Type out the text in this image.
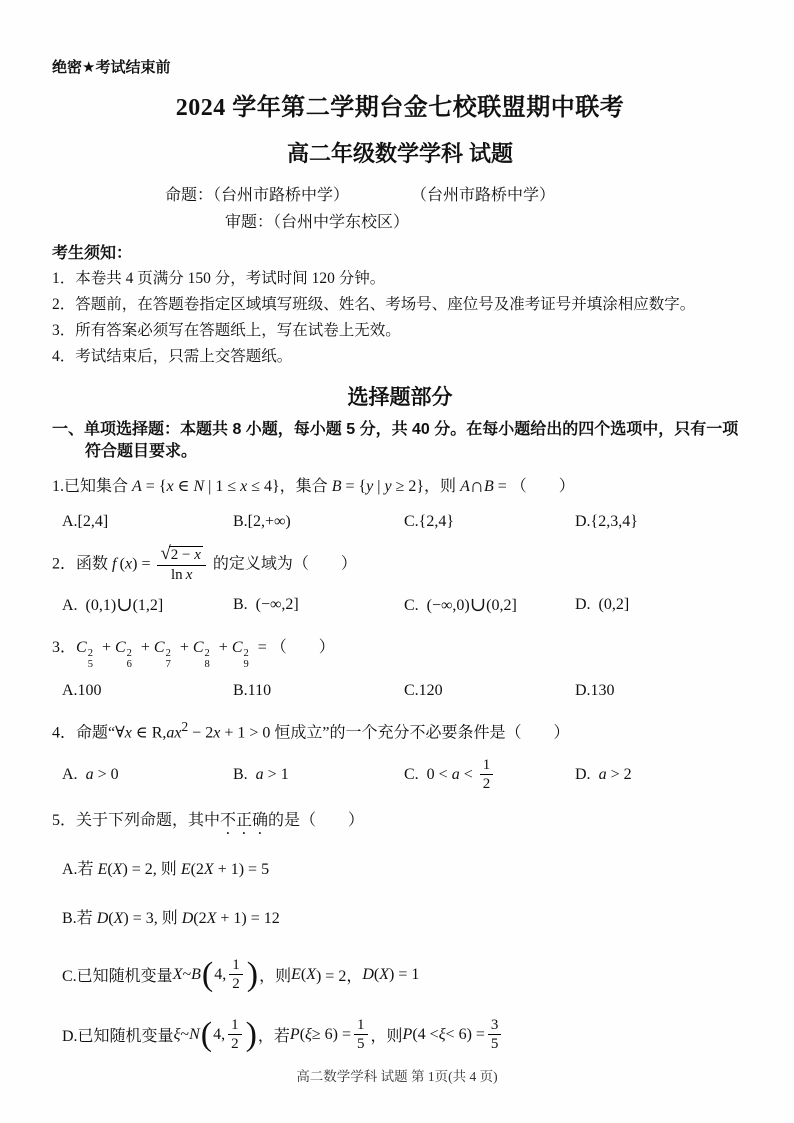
绝密★考试结束前
2024 学年第二学期台金七校联盟期中联考
高二年级数学学科 试题
命题：（台州市路桥中学）	（台州市路桥中学）
审题：（台州中学东校区）
考生须知：
1．本卷共 4 页满分 150 分，考试时间 120 分钟。
2．答题前，在答题卷指定区域填写班级、姓名、考场号、座位号及准考证号并填涂相应数字。
3．所有答案必须写在答题纸上，写在试卷上无效。
4．考试结束后，只需上交答题纸。
选择题部分
一、单项选择题：本题共 8 小题，每小题 5 分，共 40 分。在每小题给出的四个选项中，只有一项符合题目要求。
1.已知集合 A = {x ∈ N | 1 ≤ x ≤ 4}，集合 B = {y | y ≥ 2}，则 A∩B = （  ）
A.[2,4]	B.[2,+∞)	C.{2,4}	D.{2,3,4}
2．函数 f $(x) = \frac{√2 - x}{\text{ln x}}$ 的定义域为（  ）
A. (0,1)∪(1,2]	B. (−∞,2]	C. (−∞,0)∪(0,2]	D. (0,2]
3．C 2
5
+ C 2
6
+ C 2
7
+ C 2
8
+ C 2
9
= （  ）
A.100	B.110	C.120	D.130
4．命题“∀x ∈ $R,ax^2 - 2x + 1 > 0$ 恒成立”的一个充分不必要条件是（  ）
A. a > 0	B. a > 1	C. $0 < a < \frac{1}{2}$	D. a > 2
5．关于下列命题，其中不正确的是（  ）
A.若 E(X) = 2, 则 E(2X + 1) = 5
B.若 D(X) = 3, 则 D(2X + 1) = 12
C.已知随机变量 X ~ B ( 4,
1
2 ) ，则 E ( X ) = 2， D ( X ) = 1
D.已知随机变量 ξ ~ N ( 4,
1
2 ) ，若 P ( ξ ≥ 6) =
1
5 ，则 P (4 < ξ < 6) =
3
5
高二数学学科 试题 第 1页(共 4 页)
